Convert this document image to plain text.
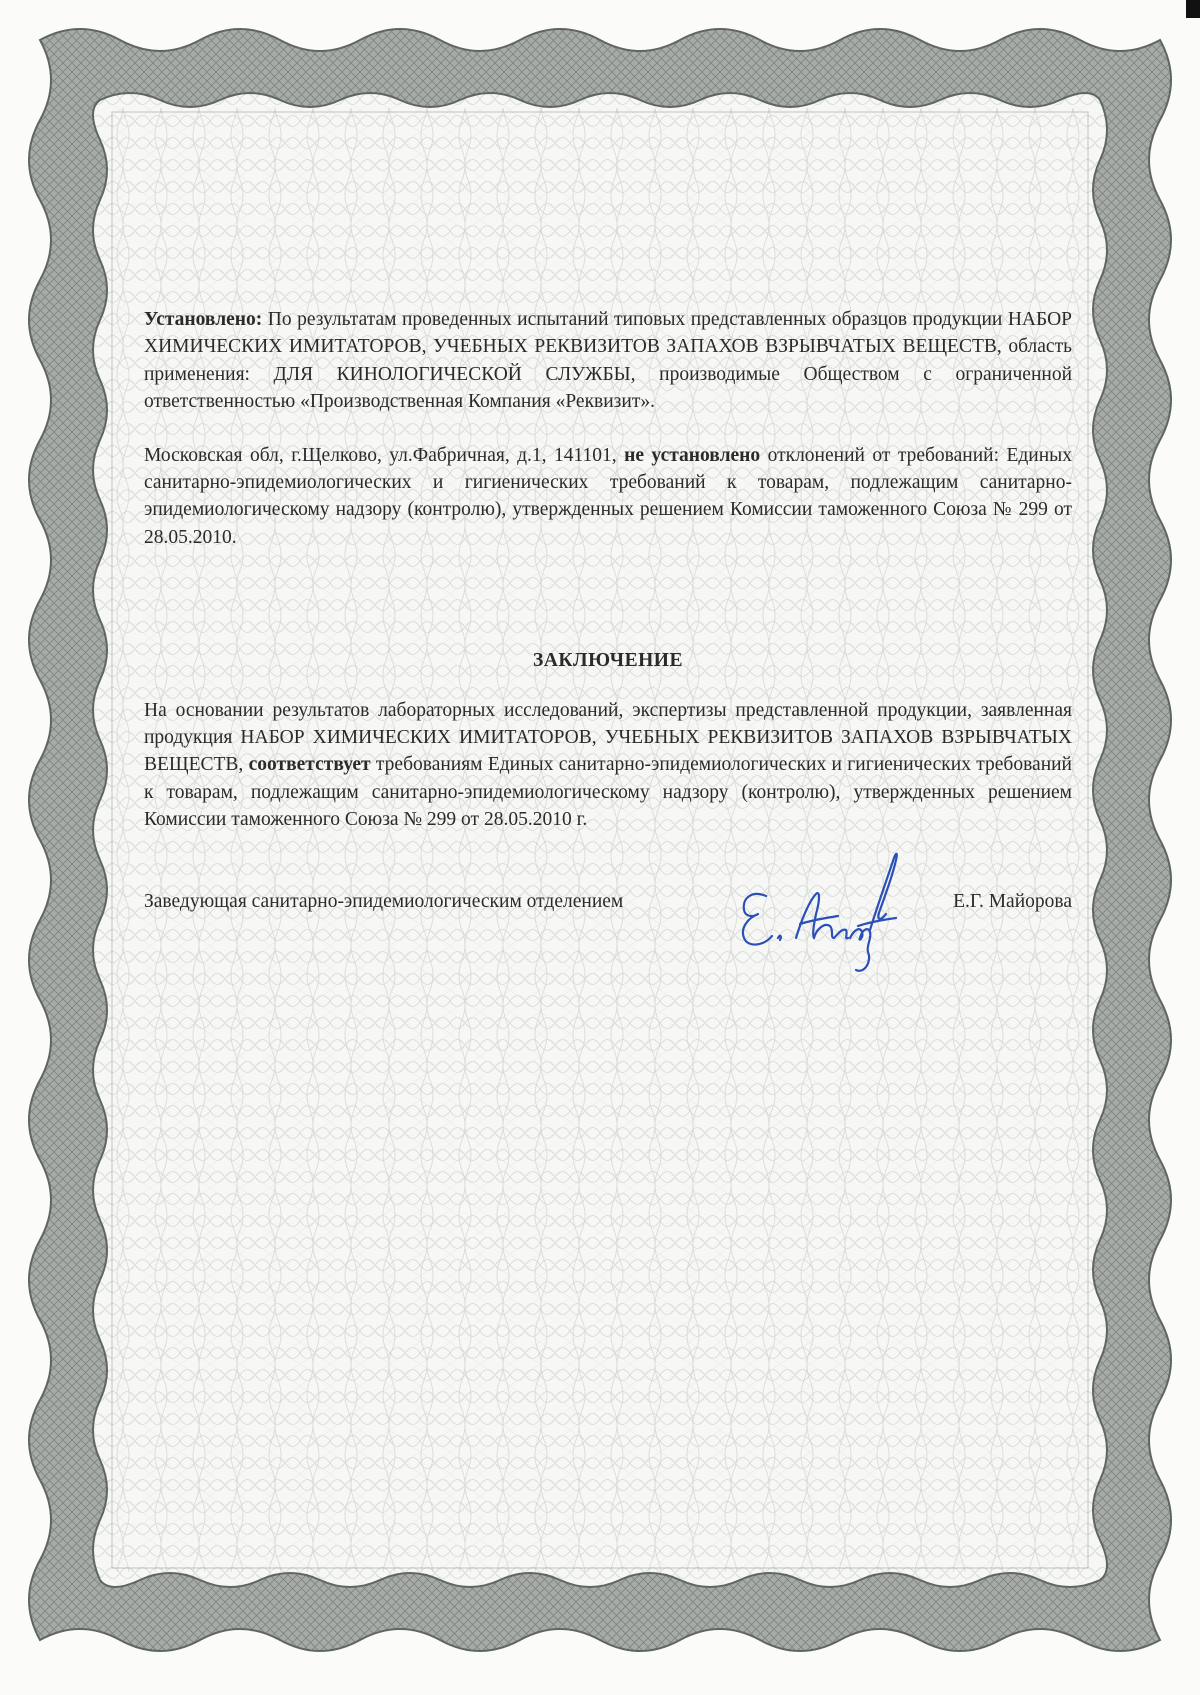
Установлено: По результатам проведенных испытаний типовых представленных образцов продукции НАБОР ХИМИЧЕСКИХ ИМИТАТОРОВ, УЧЕБНЫХ РЕКВИЗИТОВ ЗАПАХОВ ВЗРЫВЧАТЫХ ВЕЩЕСТВ, область применения: ДЛЯ КИНОЛОГИЧЕСКОЙ СЛУЖБЫ, производимые Обществом с ограниченной ответственностью «Производственная Компания «Реквизит».

Московская обл, г.Щелково, ул.Фабричная, д.1, 141101, не установлено отклонений от требований: Единых санитарно-эпидемиологических и гигиенических требований к товарам, подлежащим санитарно-эпидемиологическому надзору (контролю), утвержденных решением Комиссии таможенного Союза № 299 от 28.05.2010.

ЗАКЛЮЧЕНИЕ

На основании результатов лабораторных исследований, экспертизы представленной продукции, заявленная продукция НАБОР ХИМИЧЕСКИХ ИМИТАТОРОВ, УЧЕБНЫХ РЕКВИЗИТОВ ЗАПАХОВ ВЗРЫВЧАТЫХ ВЕЩЕСТВ, соответствует требованиям Единых санитарно-эпидемиологических и гигиенических требований к товарам, подлежащим санитарно-эпидемиологическому надзору (контролю), утвержденных решением Комиссии таможенного Союза № 299 от 28.05.2010 г.

Заведующая санитарно-эпидемиологическим отделением	Е.Г. Майорова
